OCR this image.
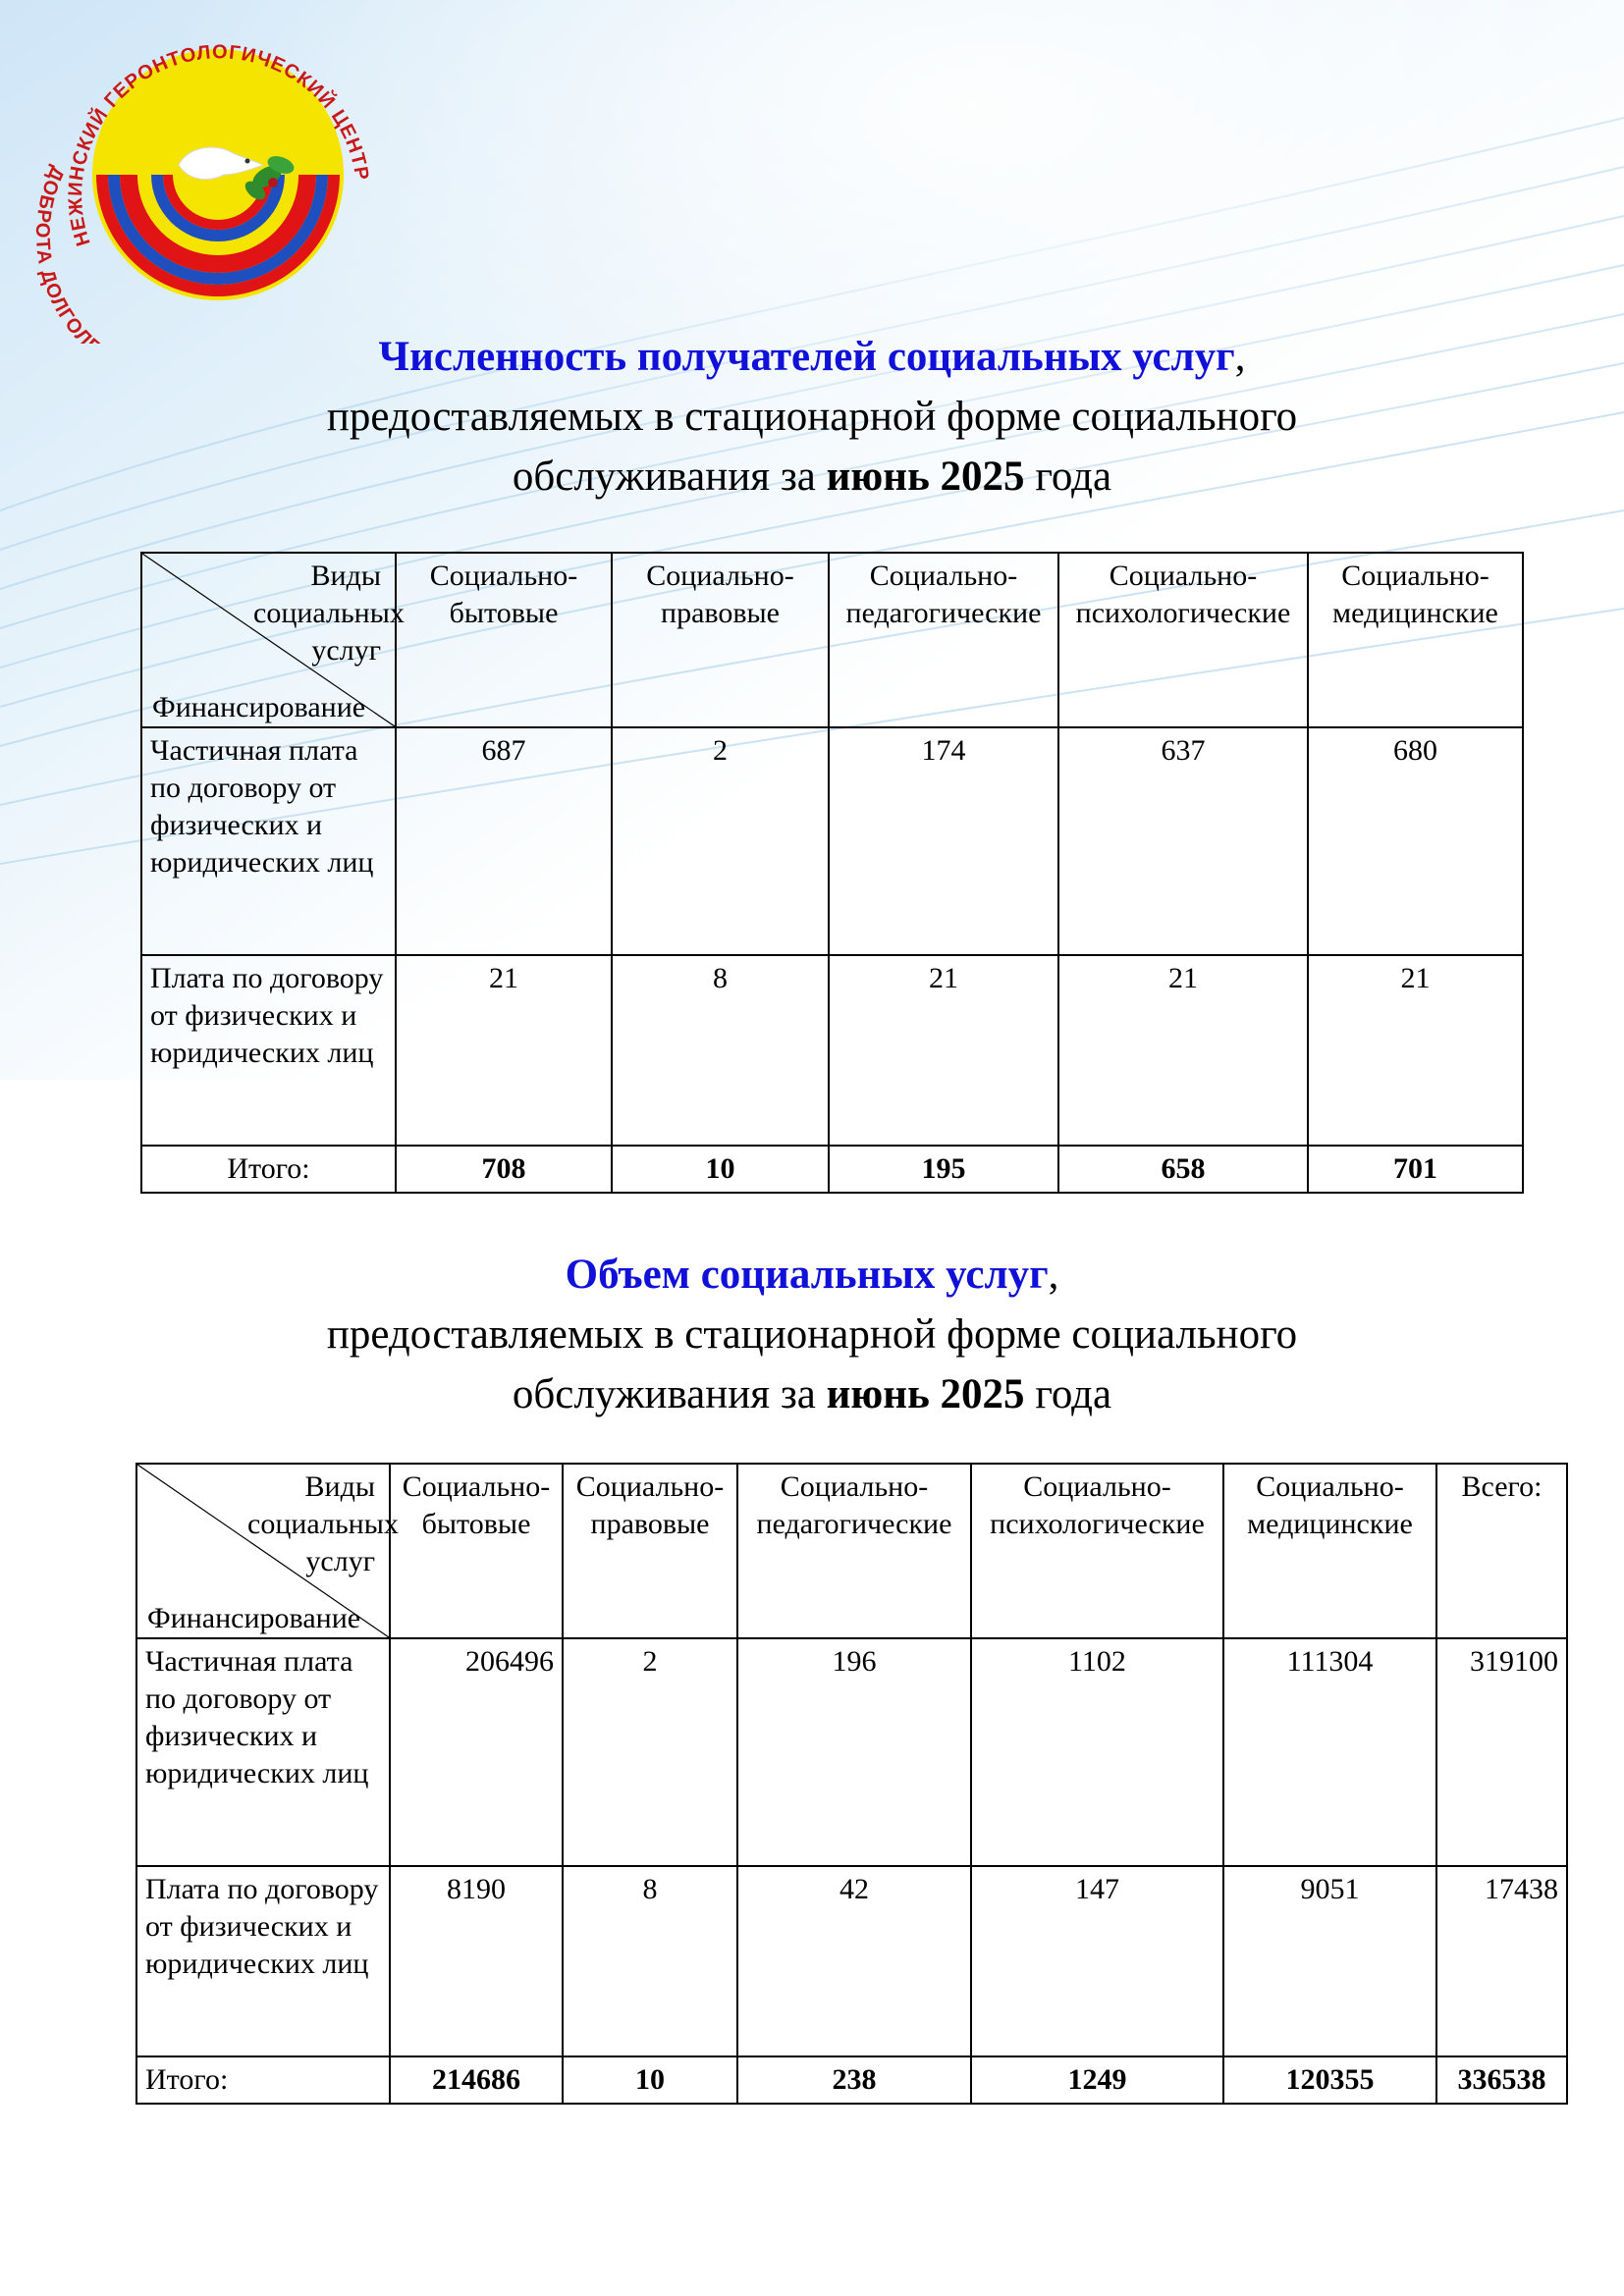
НЕЖИНСКИЙ ГЕРОНТОЛОГИЧЕСКИЙ ЦЕНТР
ДОБРОТА ДОЛГОЛ	Численность получателей социальных услуг,
предоставляемых в стационарной форме социального
обслуживания за июнь 2025 года
Виды социальных услуг
Финансирование	Социально-бытовые	Социально-правовые	Социально-педагогические	Социально-психологические	Социально-медицинские
Частичная плата по договору от физических и юридических лиц	687	2	174	637	680
Плата по договору от физических и юридических лиц	21	8	21	21	21
Итого:	708	10	195	658	701
Объем социальных услуг,
предоставляемых в стационарной форме социального
обслуживания за июнь 2025 года
Виды социальных услуг
Финансирование	Социально-бытовые	Социально-правовые	Социально-педагогические	Социально-психологические	Социально-медицинские	Всего:
Частичная плата по договору от физических и юридических лиц	206496	2	196	1102	111304	319100
Плата по договору от физических и юридических лиц	8190	8	42	147	9051	17438
Итого:	214686	10	238	1249	120355	336538
